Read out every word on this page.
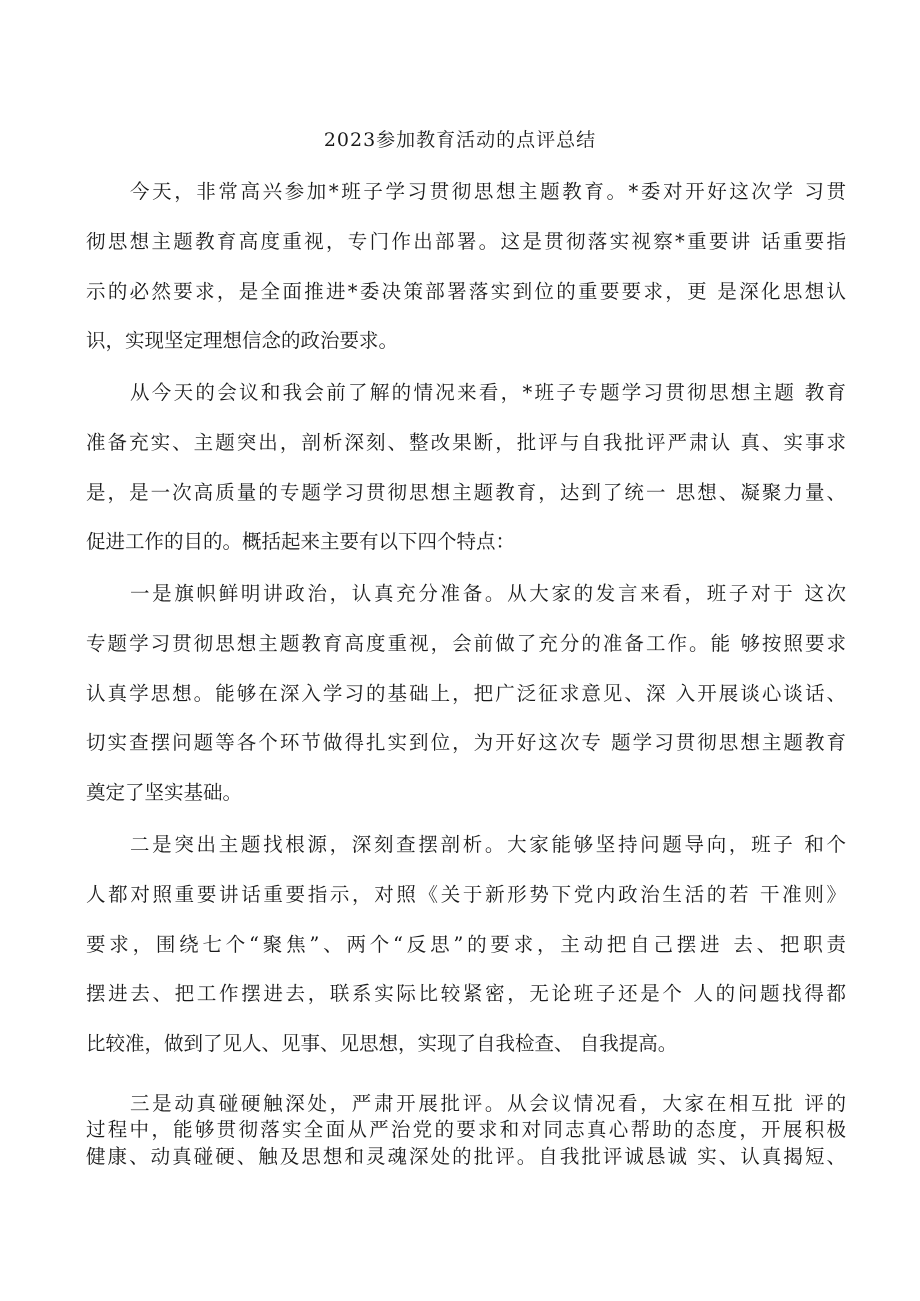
2023参加教育活动的点评总结
今天，非常高兴参加*班子学习贯彻思想主题教育。*委对开好这次学 习贯
彻思想主题教育高度重视，专门作出部署。这是贯彻落实视察*重要讲 话重要指
示的必然要求，是全面推进*委决策部署落实到位的重要要求，更 是深化思想认
识，实现坚定理想信念的政治要求。
从今天的会议和我会前了解的情况来看，*班子专题学习贯彻思想主题 教育
准备充实、主题突出，剖析深刻、整改果断，批评与自我批评严肃认 真、实事求
是，是一次高质量的专题学习贯彻思想主题教育，达到了统一 思想、凝聚力量、
促进工作的目的。概括起来主要有以下四个特点：
一是旗帜鲜明讲政治，认真充分准备。从大家的发言来看，班子对于 这次
专题学习贯彻思想主题教育高度重视，会前做了充分的准备工作。能 够按照要求
认真学思想。能够在深入学习的基础上，把广泛征求意见、深 入开展谈心谈话、
切实查摆问题等各个环节做得扎实到位，为开好这次专 题学习贯彻思想主题教育
奠定了坚实基础。
二是突出主题找根源，深刻查摆剖析。大家能够坚持问题导向，班子 和个
人都对照重要讲话重要指示，对照《关于新形势下党内政治生活的若 干准则》
要求，围绕七个“聚焦”、两个“反思”的要求，主动把自己摆进 去、把职责
摆进去、把工作摆进去，联系实际比较紧密，无论班子还是个 人的问题找得都
比较准，做到了见人、见事、见思想，实现了自我检查、 自我提高。
三是动真碰硬触深处，严肃开展批评。从会议情况看，大家在相互批 评的
过程中，能够贯彻落实全面从严治党的要求和对同志真心帮助的态度，开展积极
健康、动真碰硬、触及思想和灵魂深处的批评。自我批评诚恳诚 实、认真揭短、
